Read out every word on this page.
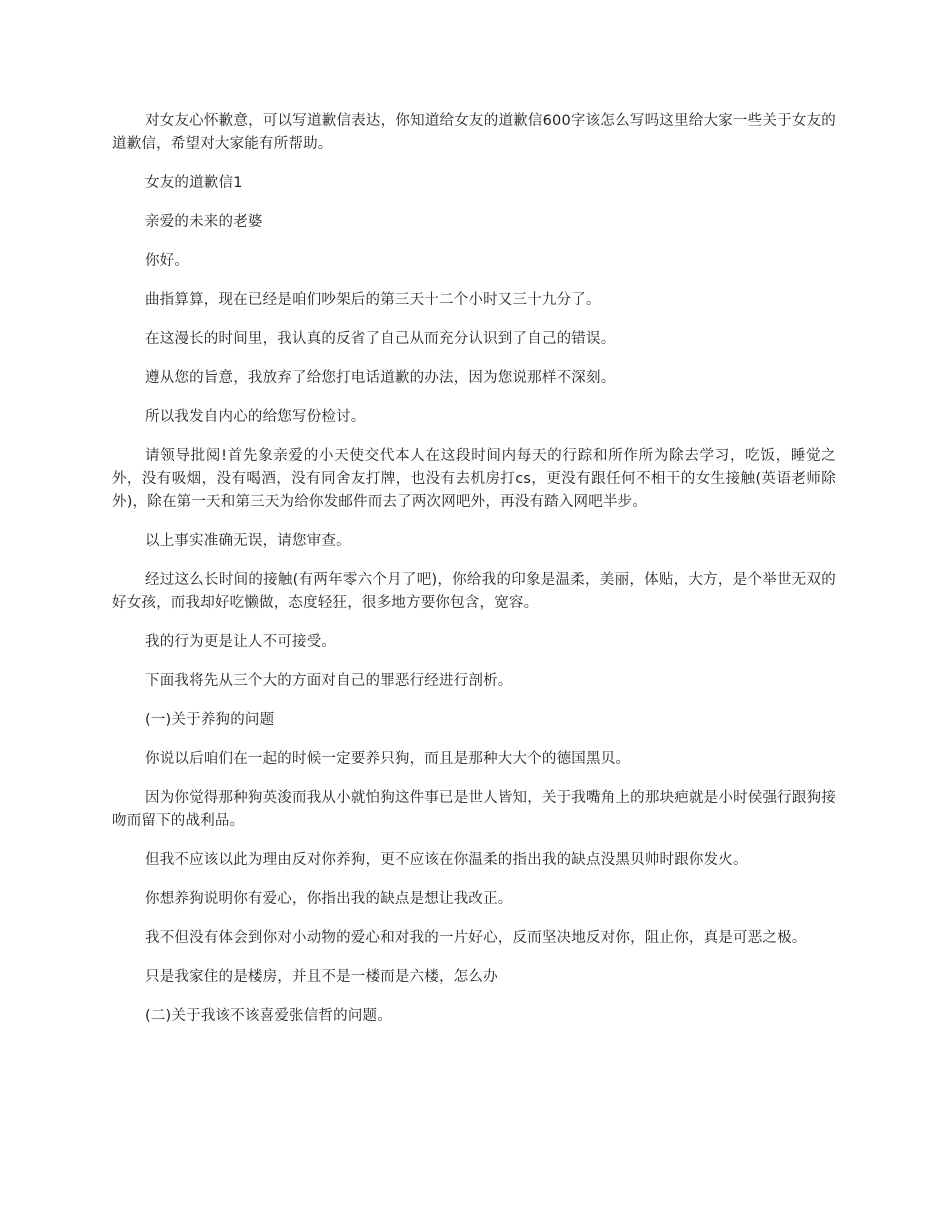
对女友心怀歉意，可以写道歉信表达，你知道给女友的道歉信600字该怎么写吗这里给大家一些关于女友的道歉信，希望对大家能有所帮助。

女友的道歉信1

亲爱的未来的老婆

你好。

曲指算算，现在已经是咱们吵架后的第三天十二个小时又三十九分了。

在这漫长的时间里，我认真的反省了自己从而充分认识到了自己的错误。

遵从您的旨意，我放弃了给您打电话道歉的办法，因为您说那样不深刻。

所以我发自内心的给您写份检讨。

请领导批阅!首先象亲爱的小天使交代本人在这段时间内每天的行踪和所作所为除去学习，吃饭，睡觉之外，没有吸烟，没有喝酒，没有同舍友打牌，也没有去机房打cs，更没有跟任何不相干的女生接触(英语老师除外)，除在第一天和第三天为给你发邮件而去了两次网吧外，再没有踏入网吧半步。

以上事实准确无误，请您审查。

经过这么长时间的接触(有两年零六个月了吧)，你给我的印象是温柔，美丽，体贴，大方，是个举世无双的好女孩，而我却好吃懒做，态度轻狂，很多地方要你包含，宽容。

我的行为更是让人不可接受。

下面我将先从三个大的方面对自己的罪恶行经进行剖析。

(一)关于养狗的问题

你说以后咱们在一起的时候一定要养只狗，而且是那种大大个的德国黑贝。

因为你觉得那种狗英浚而我从小就怕狗这件事已是世人皆知，关于我嘴角上的那块疤就是小时侯强行跟狗接吻而留下的战利品。

但我不应该以此为理由反对你养狗，更不应该在你温柔的指出我的缺点没黑贝帅时跟你发火。

你想养狗说明你有爱心，你指出我的缺点是想让我改正。

我不但没有体会到你对小动物的爱心和对我的一片好心，反而坚决地反对你，阻止你，真是可恶之极。

只是我家住的是楼房，并且不是一楼而是六楼，怎么办

(二)关于我该不该喜爱张信哲的问题。
